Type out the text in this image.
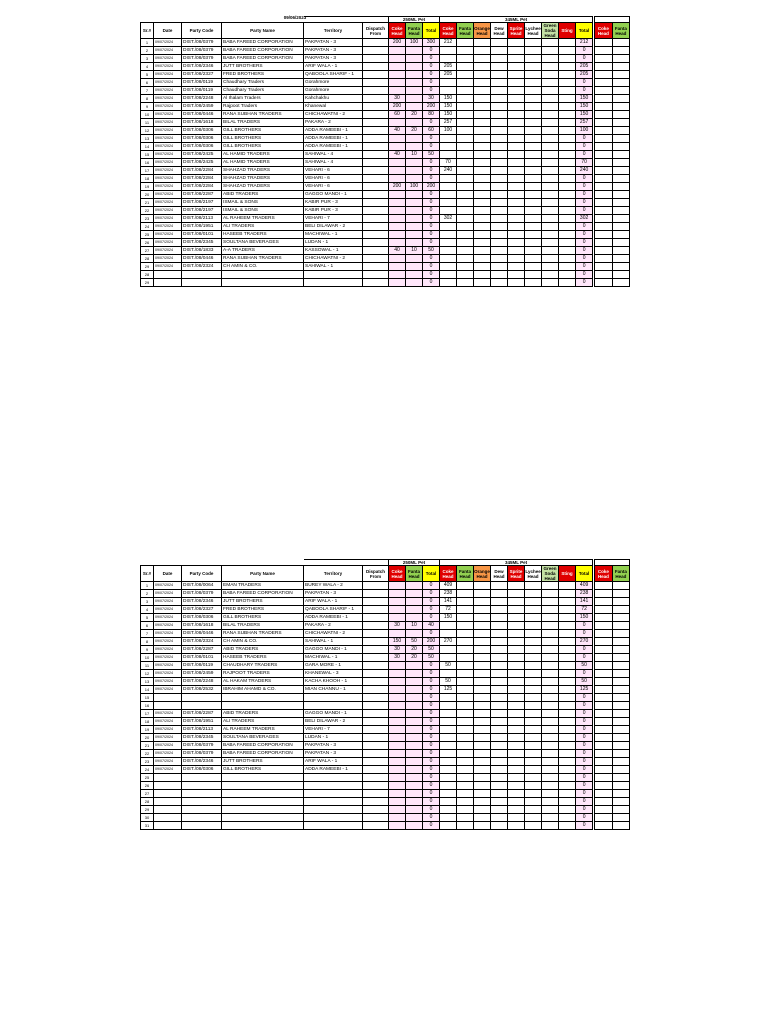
						250ML Pet			345ML Pet											
Sr.#	Date	Party Code	Party Name	Territory	Dispatch From	Coke Head	Fanta Head	Total	Coke Head	Fanta Head	Orange Head	Dew Head	Sprite Head	Lychee Head	Green Soda Head	Sting	Total		Coke Head	Fanta Head
1	09/07/2024	DIST./08/0379	BABA FAREED CORPORATION	PAKPATAN - 3		200	100	300	212								212			
2	09/07/2024	DIST./08/0379	BABA FAREED CORPORATION	PAKPATAN - 3				0									0			
3	09/07/2024	DIST./08/0379	BABA FAREED CORPORATION	PAKPATAN - 3				0									0			
4	09/07/2024	DIST./08/2346	JUTT BROTHERS	ARIF WALA - 1				0	205								205			
5	09/07/2024	DIST./08/2327	FRED BROTHERS	QABOOLA SHARIF - 1				0	205								205			
6	09/07/2024	DIST./08/0119	Chaudhary Traders	Gorahmore				0									0			
7	09/07/2024	DIST./08/0119	Chaudhary Traders	Gorahmore				0									0			
8	09/07/2024	DIST./08/2248	Al Ihalam Traders	Kahchakhu		30		30	150								150			
9	09/07/2024	DIST./08/2459	Rajpoot Traders	Khanewal		200		200	150								150			
10	09/07/2024	DIST./08/0446	RANA SUBHAN TRADERS	CHICHAWATNI - 2		60	20	80	150								150			
11	09/07/2024	DIST./08/1618	BILAL TRADERS	PAKARA - 2				0	257								257			
12	09/07/2024	DIST./08/0306	GILL BROTHERS	ADDA RAMEEBI - 1		40	20	60	100								100			
13	09/07/2024	DIST./08/0306	GILL BROTHERS	ADDA RAMEEBI - 1				0									0			
14	09/07/2024	DIST./08/0306	GILL BROTHERS	ADDA RAMEEBI - 1				0									0			
15	09/07/2024	DIST./08/2425	AL HAMID TRADERS	SAHIWAL - 4		40	10	50									0			
16	09/07/2024	DIST./08/2425	AL HAMID TRADERS	SAHIWAL - 4				0	70								70			
17	09/07/2024	DIST./08/2284	SHAHZAD TRADERS	VEHARI - 6				0	240								240			
18	09/07/2024	DIST./08/2284	SHAHZAD TRADERS	VEHARI - 6				0									0			
19	09/07/2024	DIST./08/2284	SHAHZAD TRADERS	VEHARI - 6		200	100	200									0			
20	09/07/2024	DIST./08/2287	ABID TRADERS	GAGGO MANDI - 1				0									0			
21	09/07/2024	DIST./08/2197	ISMAIL & SONS	KABIR PUR - 3				0									0			
22	09/07/2024	DIST./08/2197	ISMAIL & SONS	KABIR PUR - 3				0									0			
23	09/07/2024	DIST./08/2113	AL RAHEEM TRADERS	VEHARI - 7				0	302								302			
24	09/07/2024	DIST./08/1951	ALI TRADERS	BELI DILAWAR - 2				0									0			
25	09/07/2024	DIST./08/0101	HASEEB TRADERS	MACHIWAL - 1				0									0			
26	09/07/2024	DIST./08/2345	SOULTANA BEVERAGES	LUDAN - 1				0									0			
27	09/07/2024	DIST./08/1833	A-A TRADERS	KASSOWAL - 1		40	10	50									0			
28	09/07/2024	DIST./08/0446	RANA SUBHAN TRADERS	CHICHAWATNI - 2				0									0			
29	09/07/2024	DIST./08/2324	CH AMIN & CO.	SAHIWAL - 1				0									0			
28								0									0			
29								0									0			
09/06/2023
						250ML Pet			345ML Pet											
Sr.#	Date	Party Code	Party Name	Territory	Dispatch From	Coke Head	Fanta Head	Total	Coke Head	Fanta Head	Orange Head	Dew Head	Sprite Head	Lychee Head	Green Soda Head	Sting	Total		Coke Head	Fanta Head
1	09/07/2024	DIST./08/0064	EMAN TRADERS	BUREY WALA - 2				0	409								409			
2	09/07/2024	DIST./08/0379	BABA FAREED CORPORATION	PAKPATAN - 3				0	238								238			
3	09/07/2024	DIST./08/2346	JUTT BROTHERS	ARIF WALA - 1				0	141								141			
4	09/07/2024	DIST./08/2327	FRED BROTHERS	QABOOLA SHARIF - 1				0	72								72			
5	09/07/2024	DIST./08/0306	GILL BROTHERS	ADDA RAMEEBI - 1				0	150								150			
6	09/07/2024	DIST./08/1618	BILAL TRADERS	PAKARA - 2		30	10	40									0			
7	09/07/2024	DIST./08/0446	RANA SUBHAN TRADERS	CHICHAWATNI - 2				0									0			
8	09/07/2024	DIST./08/2324	CH AMIN & CO.	SAHIWAL - 1		150	50	200	270								270			
9	09/07/2024	DIST./08/2287	ABID TRADERS	GAGGO MANDI - 1		30	20	50									0			
10	09/07/2024	DIST./08/0101	HASEEB TRADERS	MACHIWAL - 1		30	20	50									0			
11	09/07/2024	DIST./08/0119	CHAUDHARY TRADERS	GARA MORE - 1				0	50								50			
12	09/07/2024	DIST./08/2459	RAJPOOT TRADERS	KHANEWAL - 3				0									0			
13	09/07/2024	DIST./08/2248	AL HAKAM TRADERS	KACHA KHOOH - 1				0	50								50			
14	09/07/2024	DIST./08/2532	IBRAHIM AHAMD & CO.	MIAN CHANNU - 1				0	125								125			
15								0									0			
16								0									0			
17	09/07/2024	DIST./08/2287	ABID TRADERS	GAGGO MANDI - 1				0									0			
18	09/07/2024	DIST./08/1951	ALI TRADERS	BELI DILAWAR - 2				0									0			
19	09/07/2024	DIST./08/2113	AL RAHEEM TRADERS	VEHARI - 7				0									0			
20	09/07/2024	DIST./08/2345	SOULTANA BEVERAGES	LUDAN - 1				0									0			
21	09/07/2024	DIST./08/0379	BABA FAREED CORPORATION	PAKPATAN - 3				0									0			
22	09/07/2024	DIST./08/0379	BABA FAREED CORPORATION	PAKPATAN - 3				0									0			
23	09/07/2024	DIST./08/2346	JUTT BROTHERS	ARIF WALA - 1				0									0			
24	09/07/2024	DIST./08/0306	GILL BROTHERS	ADDA RAMEEBI - 1				0									0			
25								0									0			
26								0									0			
27								0									0			
28								0									0			
29								0									0			
30								0									0			
31								0									0			
